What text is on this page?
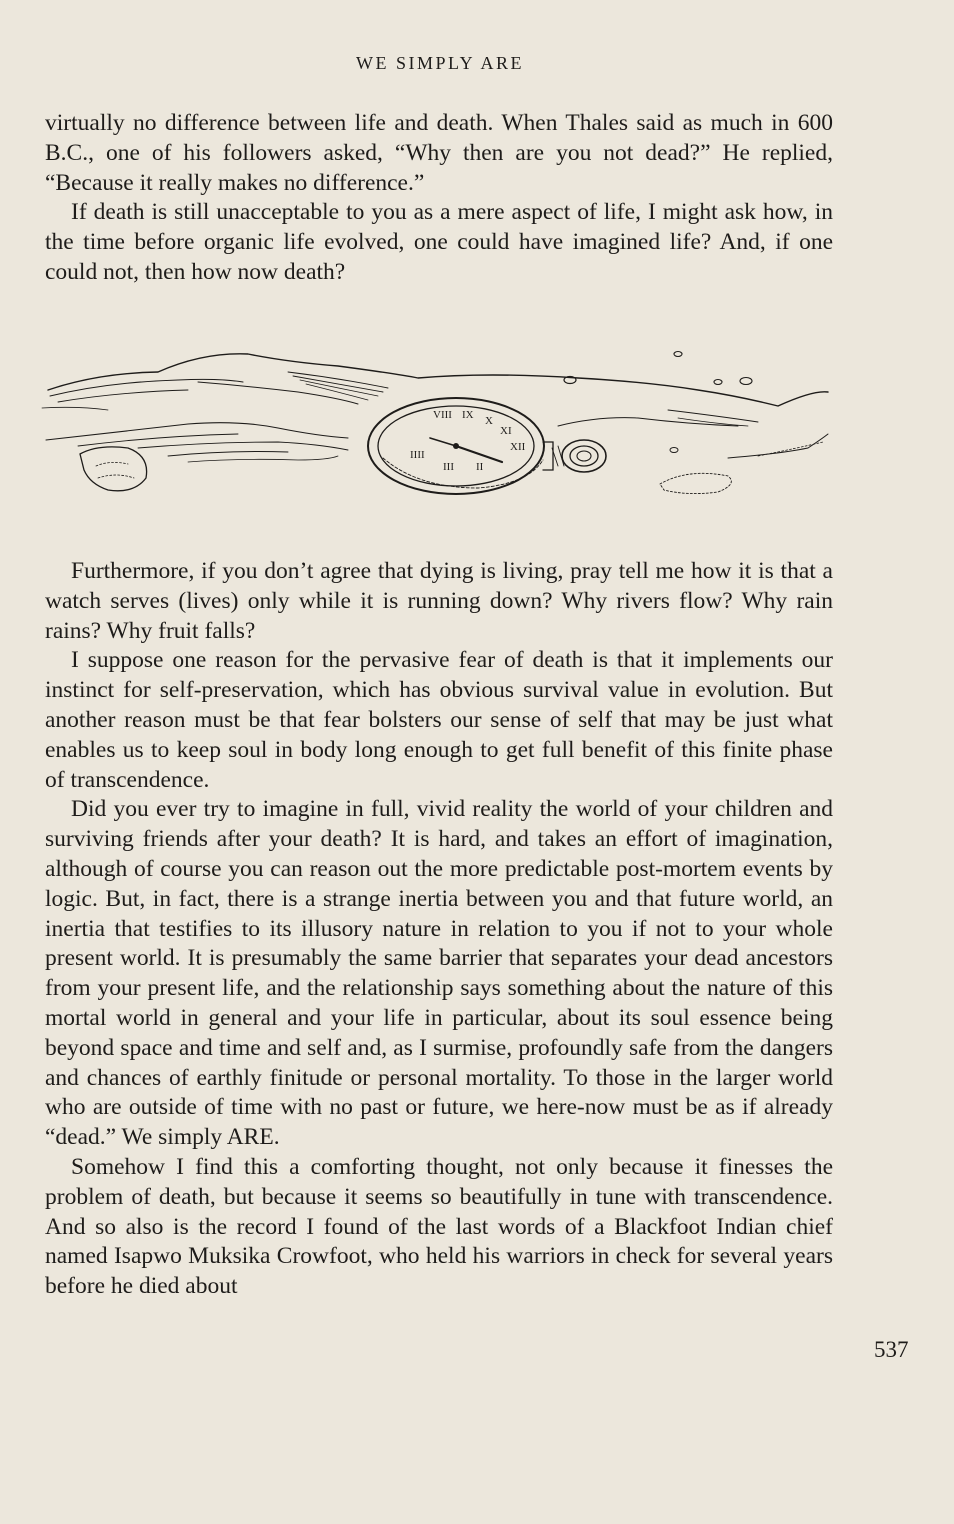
WE SIMPLY ARE

virtually no difference between life and death. When Thales said as much in 600 B.C., one of his followers asked, “Why then are you not dead?” He replied, “Because it really makes no difference.”

If death is still unacceptable to you as a mere aspect of life, I might ask how, in the time before organic life evolved, one could have imagined life? And, if one could not, then how now death?

VIII IX X
XI
XII
III II
IIII

Furthermore, if you don’t agree that dying is living, pray tell me how it is that a watch serves (lives) only while it is running down? Why rivers flow? Why rain rains? Why fruit falls?

I suppose one reason for the pervasive fear of death is that it implements our instinct for self-preservation, which has obvious survival value in evolution. But another reason must be that fear bolsters our sense of self that may be just what enables us to keep soul in body long enough to get full benefit of this finite phase of transcendence.

Did you ever try to imagine in full, vivid reality the world of your children and surviving friends after your death? It is hard, and takes an effort of imagination, although of course you can reason out the more predictable post-mortem events by logic. But, in fact, there is a strange inertia between you and that future world, an inertia that testifies to its illusory nature in relation to you if not to your whole present world. It is presumably the same barrier that separates your dead ancestors from your present life, and the relationship says something about the nature of this mortal world in general and your life in particular, about its soul essence being beyond space and time and self and, as I surmise, profoundly safe from the dangers and chances of earthly finitude or personal mortality. To those in the larger world who are outside of time with no past or future, we here-now must be as if already “dead.” We simply ARE.

Somehow I find this a comforting thought, not only because it finesses the problem of death, but because it seems so beautifully in tune with transcendence. And so also is the record I found of the last words of a Blackfoot Indian chief named Isapwo Muksika Crowfoot, who held his warriors in check for several years before he died about

537
